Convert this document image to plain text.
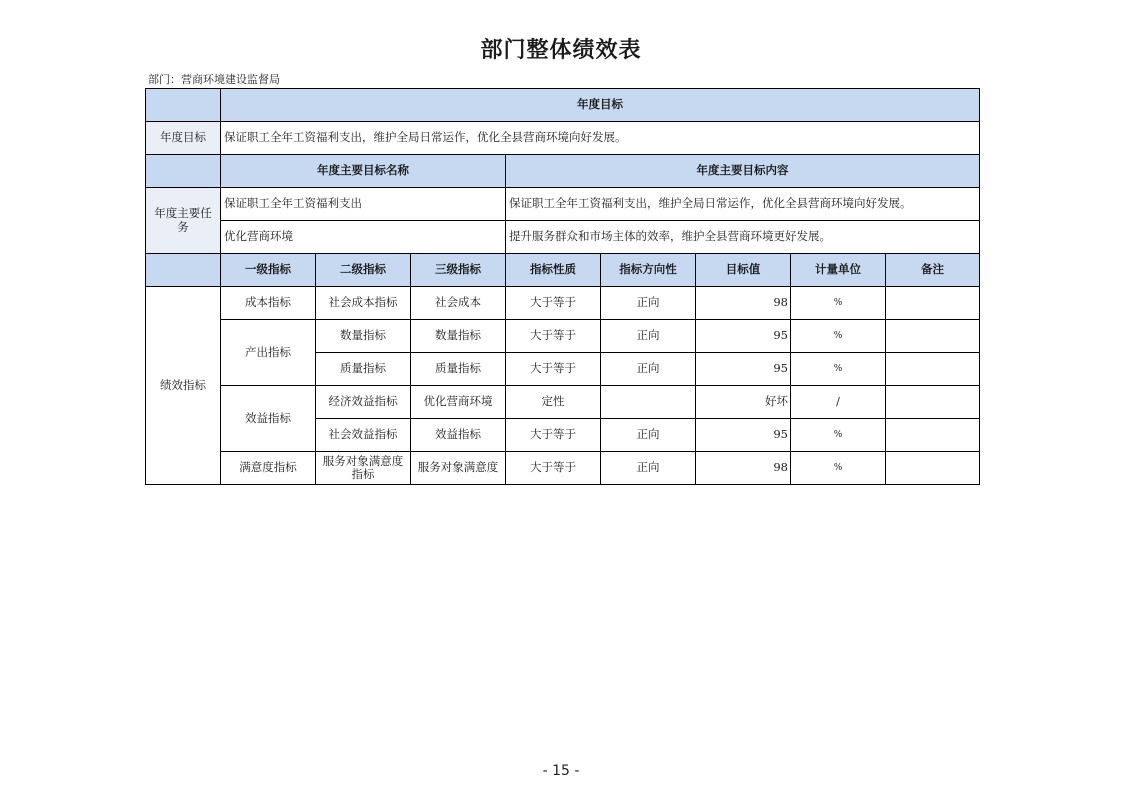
部门整体绩效表
部门：营商环境建设监督局
	年度目标							
年度目标	保证职工全年工资福利支出，维护全局日常运作，优化全县营商环境向好发展。							
	年度主要目标名称			年度主要目标内容				
年度主要任务	保证职工全年工资福利支出			保证职工全年工资福利支出，维护全局日常运作，优化全县营商环境向好发展。				
	优化营商环境			提升服务群众和市场主体的效率，维护全县营商环境更好发展。				
	一级指标	二级指标	三级指标	指标性质	指标方向性	目标值	计量单位	备注
绩效指标	成本指标	社会成本指标	社会成本	大于等于	正向	98	%	
	产出指标	数量指标	数量指标	大于等于	正向	95	%	
		质量指标	质量指标	大于等于	正向	95	%	
	效益指标	经济效益指标	优化营商环境	定性		好坏	/	
		社会效益指标	效益指标	大于等于	正向	95	%	
	满意度指标	服务对象满意度指标	服务对象满意度	大于等于	正向	98	%	
- 15 -
